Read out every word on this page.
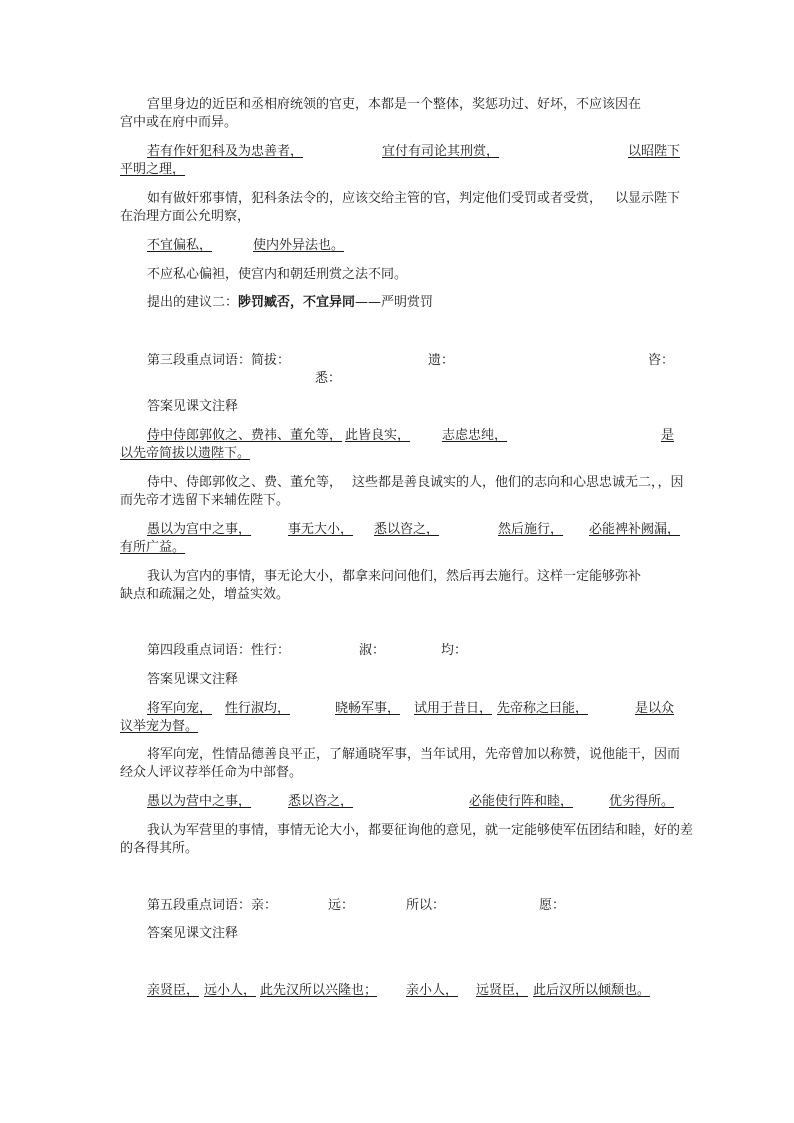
宫里身边的近臣和丞相府统领的官吏，本都是一个整体，奖惩功过、好坏，不应该因在
宫中或在府中而异。
若有作奸犯科及为忠善者，	宜付有司论其刑赏，	以昭陛下
平明之理，
如有做奸邪事情，犯科条法令的，应该交给主管的官，判定他们受罚或者受赏， 以显示陛下
在治理方面公允明察，
不宜偏私，	使内外异法也。
不应私心偏袒，使宫内和朝廷刑赏之法不同。
提出的建议二：陟罚臧否，不宜异同——严明赏罚
第三段重点词语：简拔：	遗：	咨：
悉：
答案见课文注释
侍中侍郎郭攸之、费祎、董允等， 此皆良实， 志虑忠纯，	是
以先帝简拔以遗陛下。
侍中、侍郎郭攸之、费、董允等， 这些都是善良诚实的人，他们的志向和心思忠诚无二，，因
而先帝才选留下来辅佐陛下。
愚以为宫中之事，	事无大小， 悉以咨之，	然后施行， 必能裨补阙漏，
有所广益。
我认为宫内的事情，事无论大小，都拿来问问他们，然后再去施行。这样一定能够弥补
缺点和疏漏之处，增益实效。
第四段重点词语：性行：	淑：	均：
答案见课文注释
将军向宠， 性行淑均，	晓畅军事， 试用于昔日， 先帝称之曰能，	是以众
议举宠为督。
将军向宠，性情品德善良平正，了解通晓军事，当年试用，先帝曾加以称赞，说他能干，因而
经众人评议荐举任命为中部督。
愚以为营中之事，	悉以咨之，	必能使行阵和睦，	优劣得所。
我认为军营里的事情，事情无论大小，都要征询他的意见，就一定能够使军伍团结和睦，好的差
的各得其所。
第五段重点词语：亲：	远：	所以：	愿：
答案见课文注释
亲贤臣， 远小人， 此先汉所以兴隆也； 亲小人， 远贤臣， 此后汉所以倾颓也。
